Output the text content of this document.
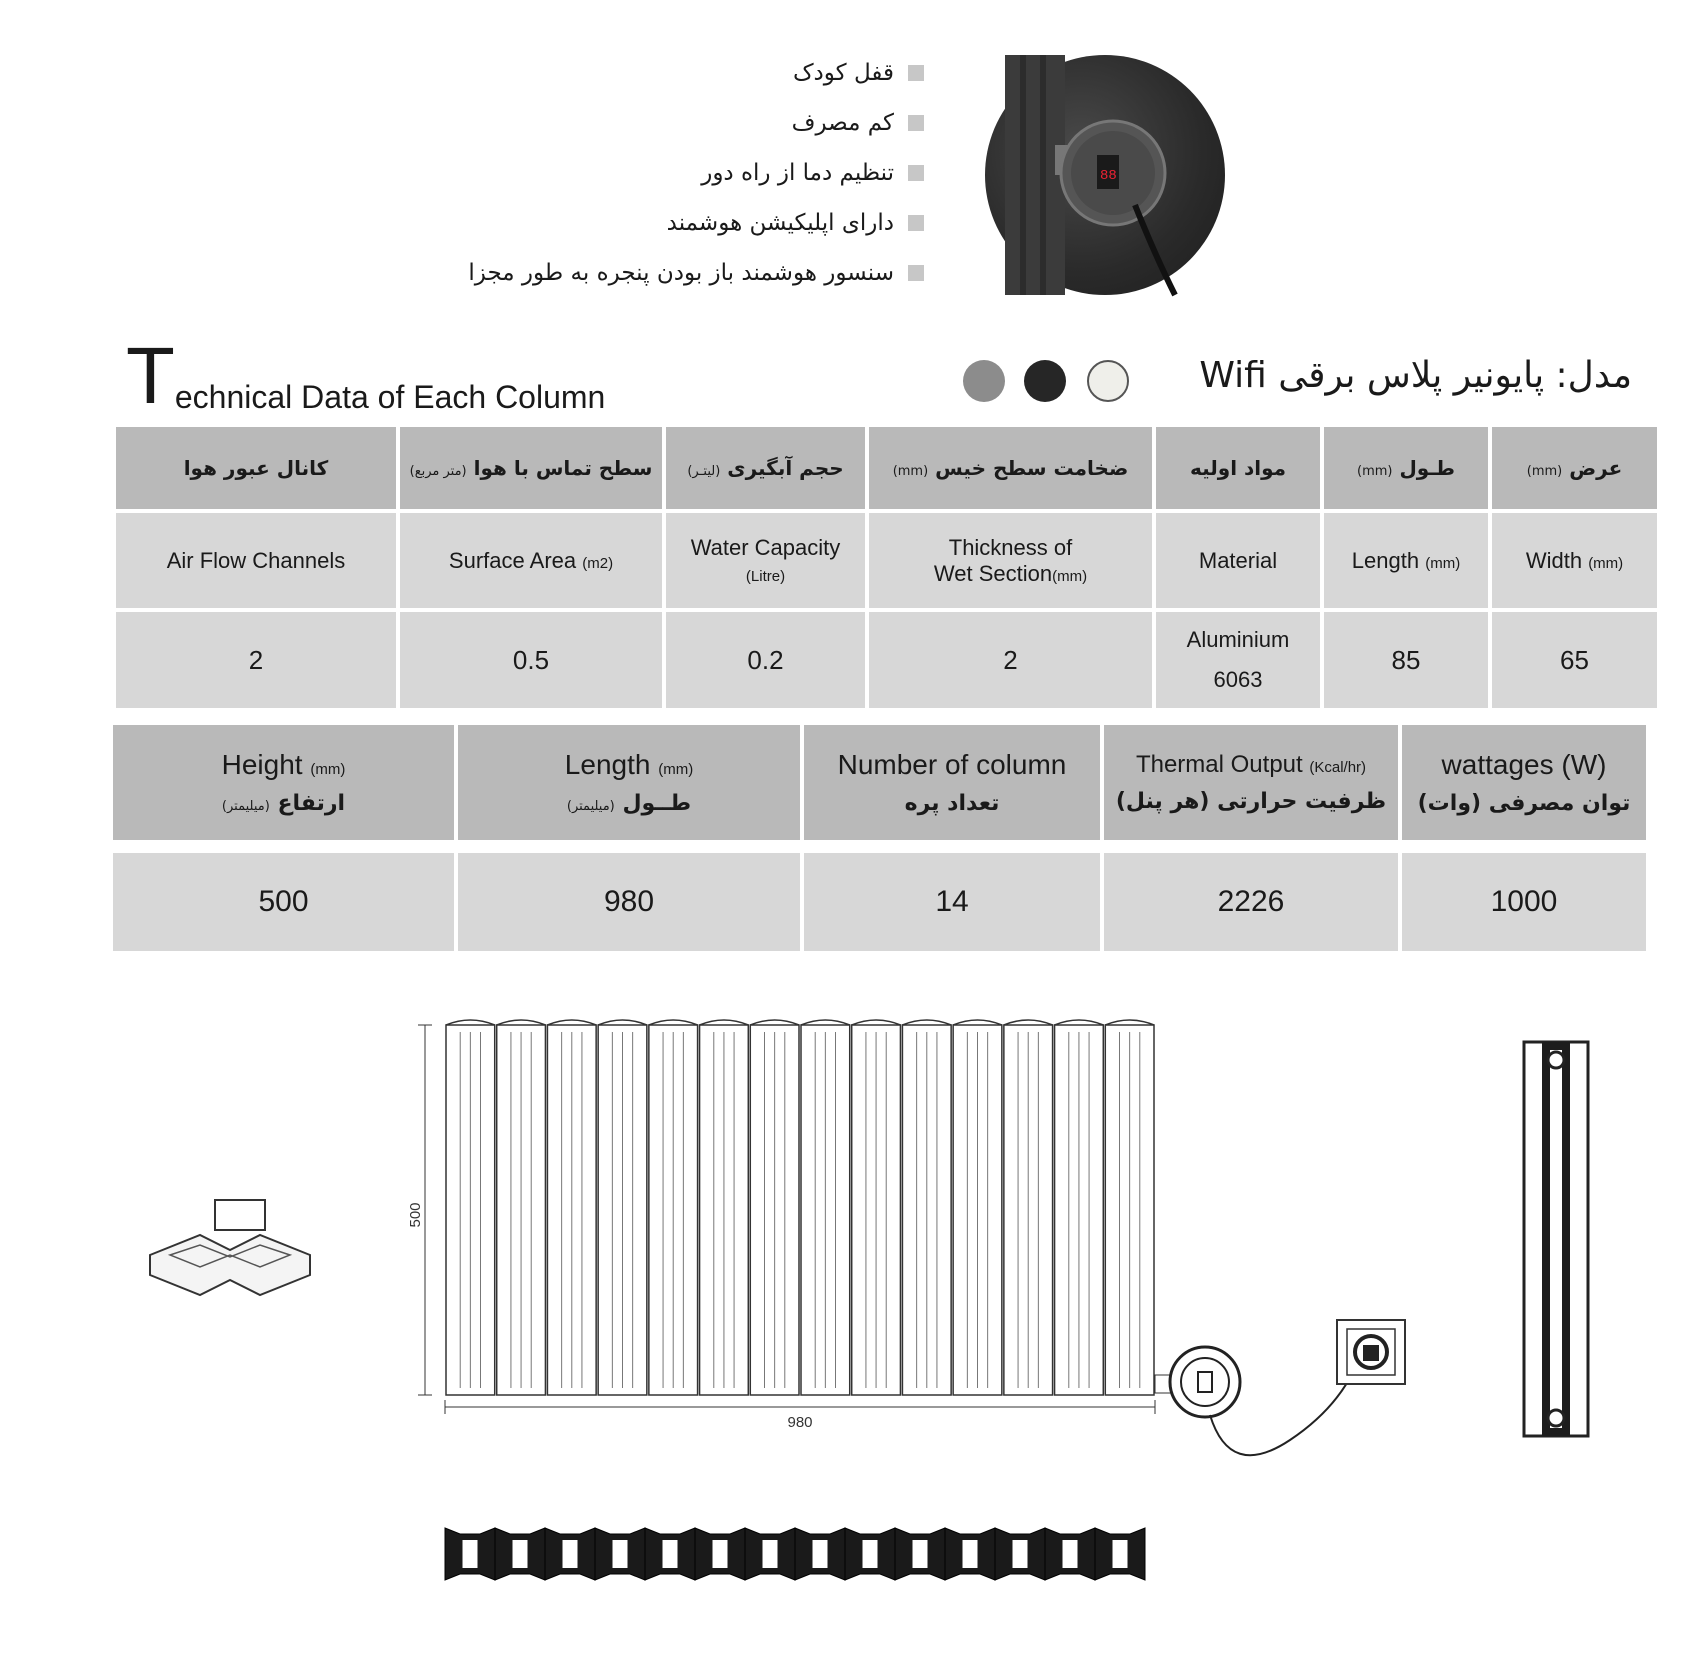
قفل کودک
کم مصرف
تنظیم دما از راه دور
دارای اپلیکیشن هوشمند
سنسور هوشمند باز بودن پنجره به طور مجزا
88
Technical Data of Each Column
مدل: پایونیر پلاس برقی Wifi
عرض (mm)
طـول (mm)
مواد اولیه
ضخامت سطح خیس (mm)
حجم آبگیری (لیتـر)
سطح تماس با هوا (متر مربع)
کانال عبور هوا
Width (mm)
Length (mm)
Material
Thickness of
Wet Section(mm)
Water Capacity
(Litre)
Surface Area (m2)
Air Flow Channels
65
85
Aluminium
6063
2
0.2
0.5
2
wattages (W)
توان مصرفی (وات)
Thermal Output (Kcal/hr)
ظرفیت حرارتی (هر پنل)
Number of column
تعداد پره
Length (mm)
طــول (میلیمتر)
Height (mm)
ارتفاع (میلیمتر)
1000
2226
14
980
500
980
500
